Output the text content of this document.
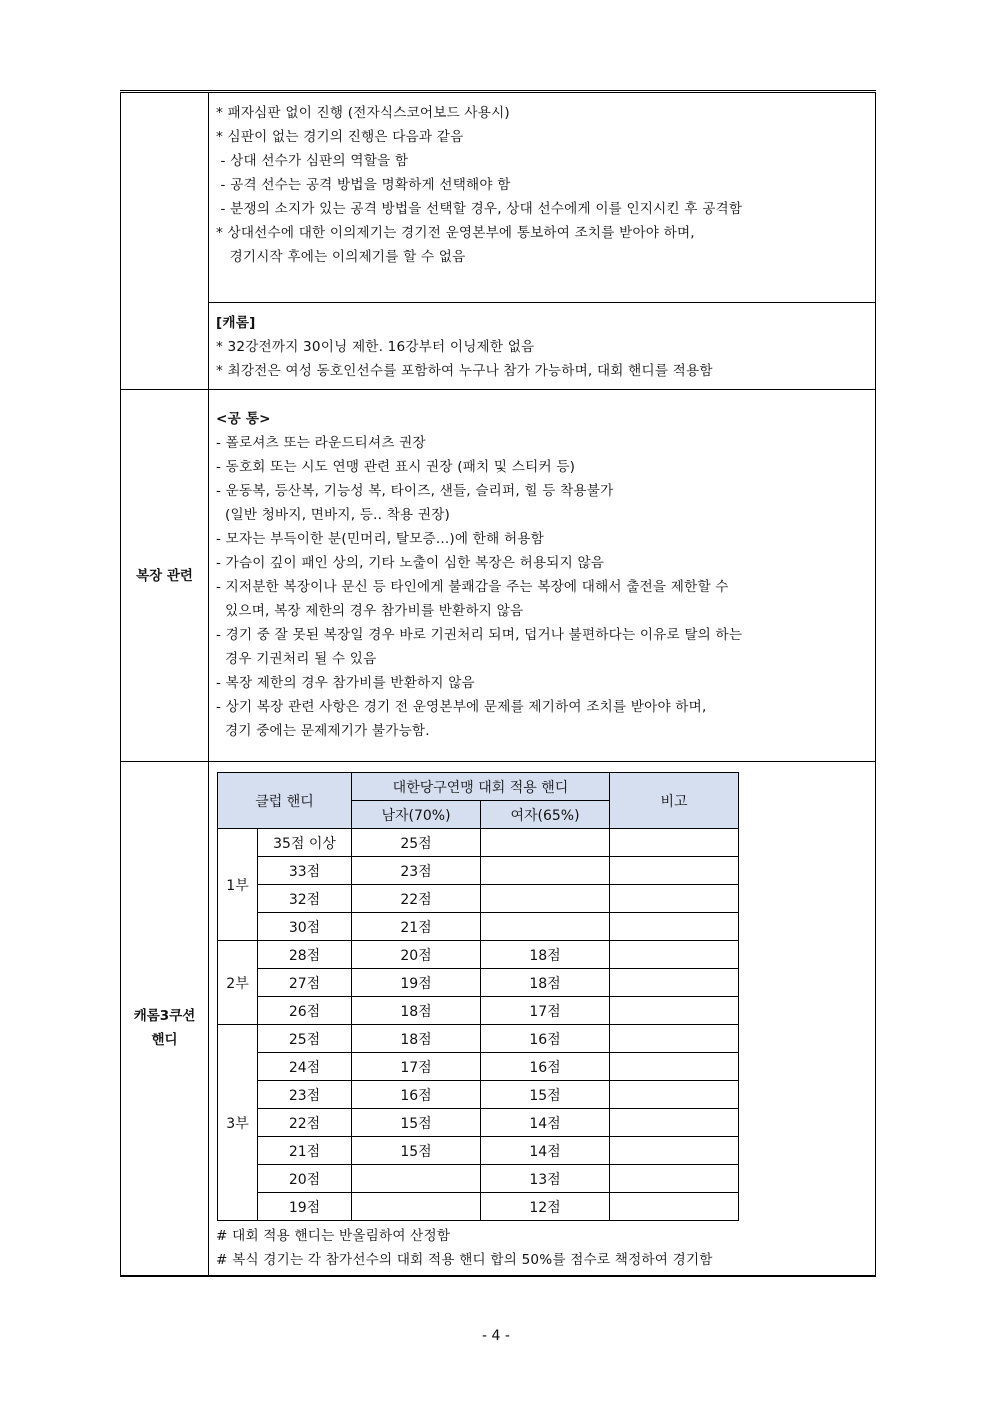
* 패자심판 없이 진행 (전자식스코어보드 사용시)

* 심판이 없는 경기의 진행은 다음과 같음

- 상대 선수가 심판의 역할을 함

- 공격 선수는 공격 방법을 명확하게 선택해야 함

- 분쟁의 소지가 있는 공격 방법을 선택할 경우, 상대 선수에게 이를 인지시킨 후 공격함

* 상대선수에 대한 이의제기는 경기전 운영본부에 통보하여 조치를 받아야 하며,

경기시작 후에는 이의제기를 할 수 없음

[캐롬]

* 32강전까지 30이닝 제한. 16강부터 이닝제한 없음

* 최강전은 여성 동호인선수를 포함하여 누구나 참가 가능하며, 대회 핸디를 적용함

복장 관련

<공 통>

- 폴로셔츠 또는 라운드티셔츠 권장

- 동호회 또는 시도 연맹 관련 표시 권장 (패치 및 스티커 등)

- 운동복, 등산복, 기능성 복, 타이즈, 샌들, 슬리퍼, 힐 등 착용불가

(일반 청바지, 면바지, 등.. 착용 권장)

- 모자는 부득이한 분(민머리, 탈모증...)에 한해 허용함

- 가슴이 깊이 패인 상의, 기타 노출이 심한 복장은 허용되지 않음

- 지저분한 복장이나 문신 등 타인에게 불쾌감을 주는 복장에 대해서 출전을 제한할 수

있으며, 복장 제한의 경우 참가비를 반환하지 않음

- 경기 중 잘 못된 복장일 경우 바로 기권처리 되며, 덥거나 불편하다는 이유로 탈의 하는

경우 기권처리 될 수 있음

- 복장 제한의 경우 참가비를 반환하지 않음

- 상기 복장 관련 사항은 경기 전 운영본부에 문제를 제기하여 조치를 받아야 하며,

경기 중에는 문제제기가 불가능함.

캐롬3쿠션
핸디
클럽 핸디		대한당구연맹 대회 적용 핸디		비고
		남자(70%)	여자(65%)	
1부	35점 이상	25점		
	33점	23점		
	32점	22점		
	30점	21점		
2부	28점	20점	18점	
	27점	19점	18점	
	26점	18점	17점	
3부	25점	18점	16점	
	24점	17점	16점	
	23점	16점	15점	
	22점	15점	14점	
	21점	15점	14점	
	20점		13점	
	19점		12점	

# 대회 적용 핸디는 반올림하여 산정함

# 복식 경기는 각 참가선수의 대회 적용 핸디 합의 50%를 점수로 책정하여 경기함

- 4 -
